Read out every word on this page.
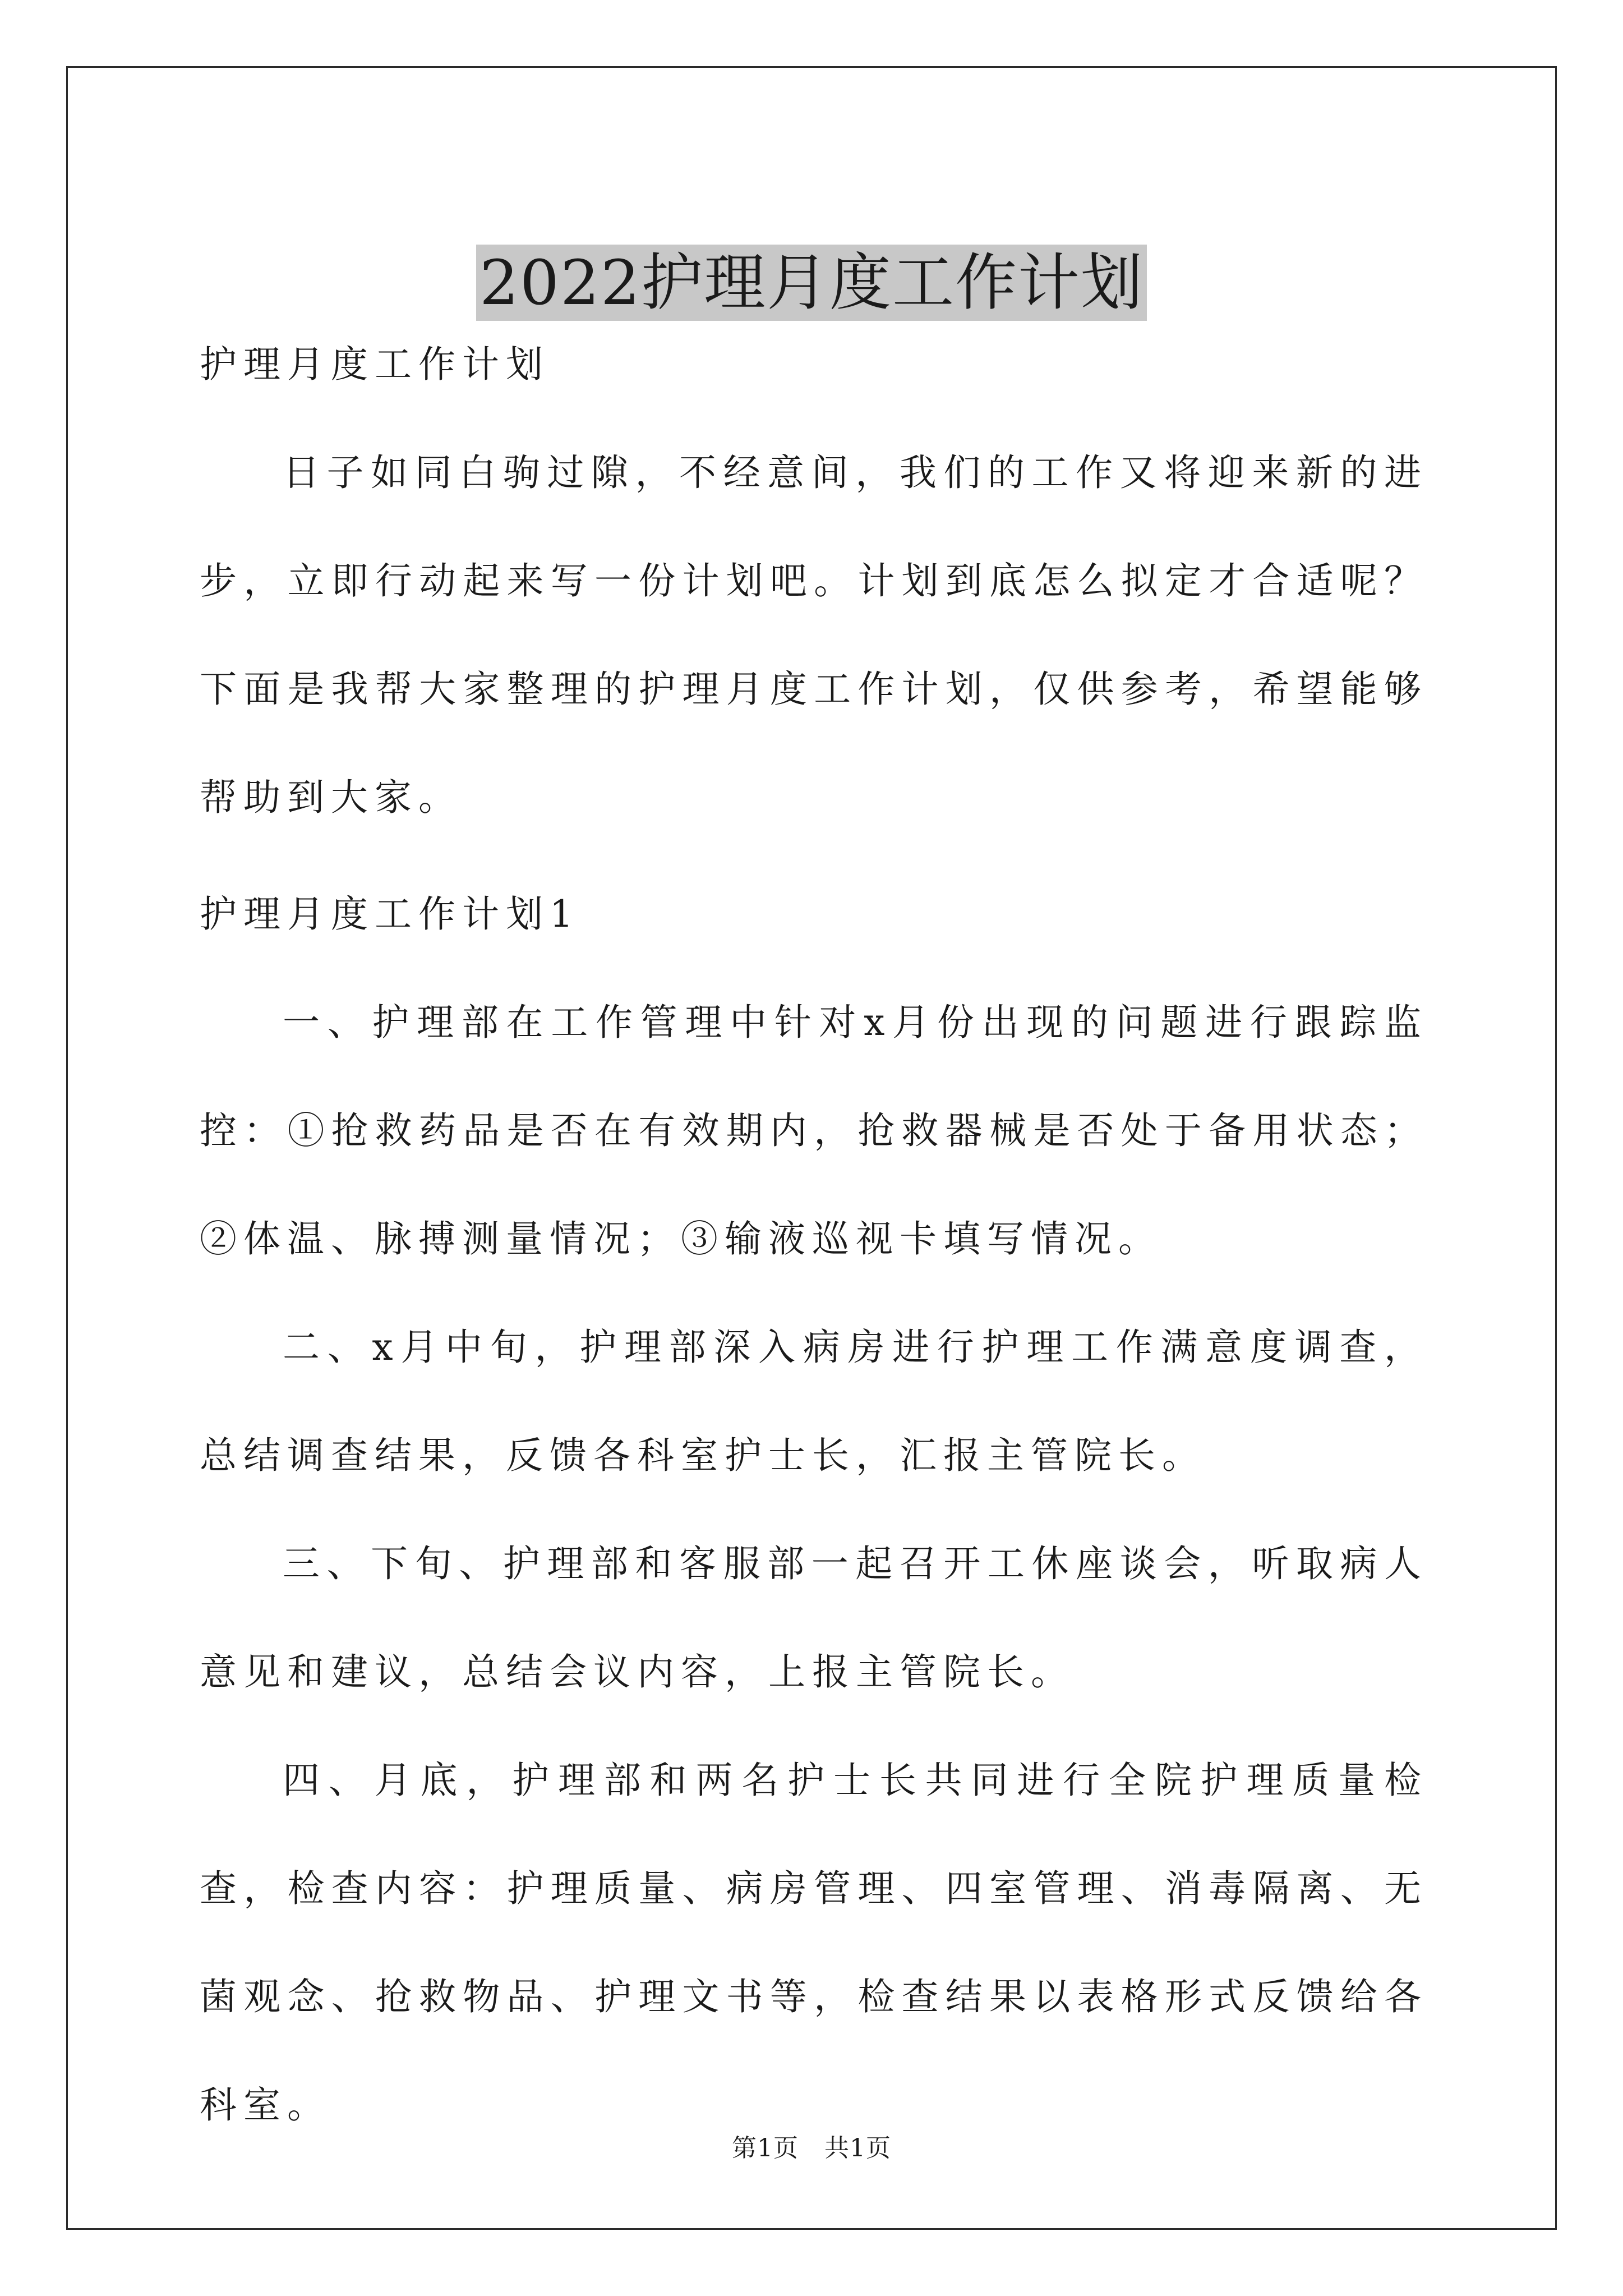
2022护理月度工作计划

护理月度工作计划

日子如同白驹过隙，不经意间，我们的工作又将迎来新的进步，立即行动起来写一份计划吧。计划到底怎么拟定才合适呢？下面是我帮大家整理的护理月度工作计划，仅供参考，希望能够帮助到大家。

护理月度工作计划1

一、护理部在工作管理中针对x月份出现的问题进行跟踪监控：①抢救药品是否在有效期内，抢救器械是否处于备用状态；②体温、脉搏测量情况；③输液巡视卡填写情况。

二、x月中旬，护理部深入病房进行护理工作满意度调查，总结调查结果，反馈各科室护士长，汇报主管院长。

三、下旬、护理部和客服部一起召开工休座谈会，听取病人意见和建议，总结会议内容，上报主管院长。

四、月底，护理部和两名护士长共同进行全院护理质量检查，检查内容：护理质量、病房管理、四室管理、消毒隔离、无菌观念、抢救物品、护理文书等，检查结果以表格形式反馈给各科室。

第1页 共1页
